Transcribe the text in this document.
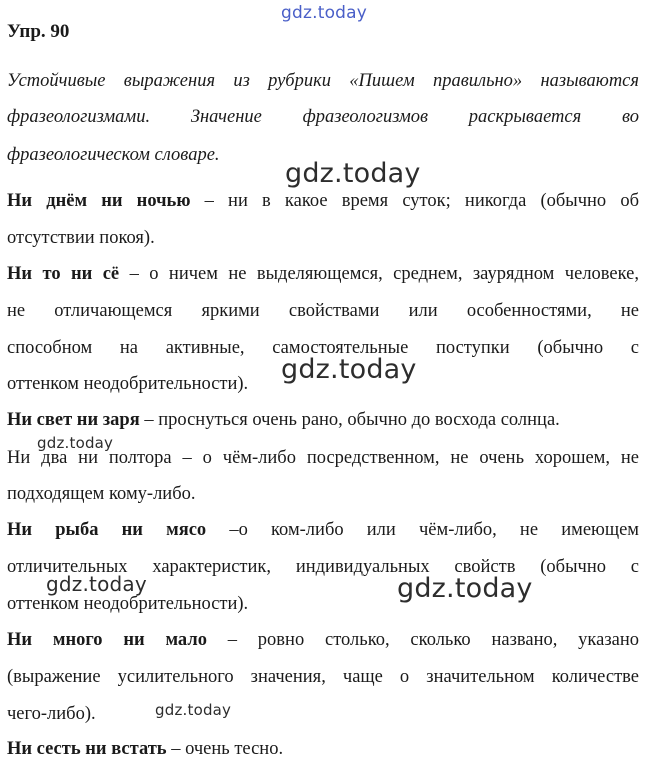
gdz.today
gdz.today
gdz.today
gdz.today
gdz.today	gdz.today
gdz.today
Упр. 90
Устойчивые выражения из рубрики «Пишем правильно» называются
фразеологизмами. Значение фразеологизмов раскрывается во
фразеологическом словаре.
Ни днём ни ночью – ни в какое время суток; никогда (обычно об
отсутствии покоя).
Ни то ни сё – о ничем не выделяющемся, среднем, заурядном человеке,
не отличающемся яркими свойствами или особенностями, не
способном на активные, самостоятельные поступки (обычно с
оттенком неодобрительности).
Ни свет ни заря – проснуться очень рано, обычно до восхода солнца.
Ни два ни полтора – о чём-либо посредственном, не очень хорошем, не
подходящем кому-либо.
Ни рыба ни мясо –о ком-либо или чём-либо, не имеющем
отличительных характеристик, индивидуальных свойств (обычно с
оттенком неодобрительности).
Ни много ни мало – ровно столько, сколько названо, указано
(выражение усилительного значения, чаще о значительном количестве
чего-либо).
Ни сесть ни встать – очень тесно.
